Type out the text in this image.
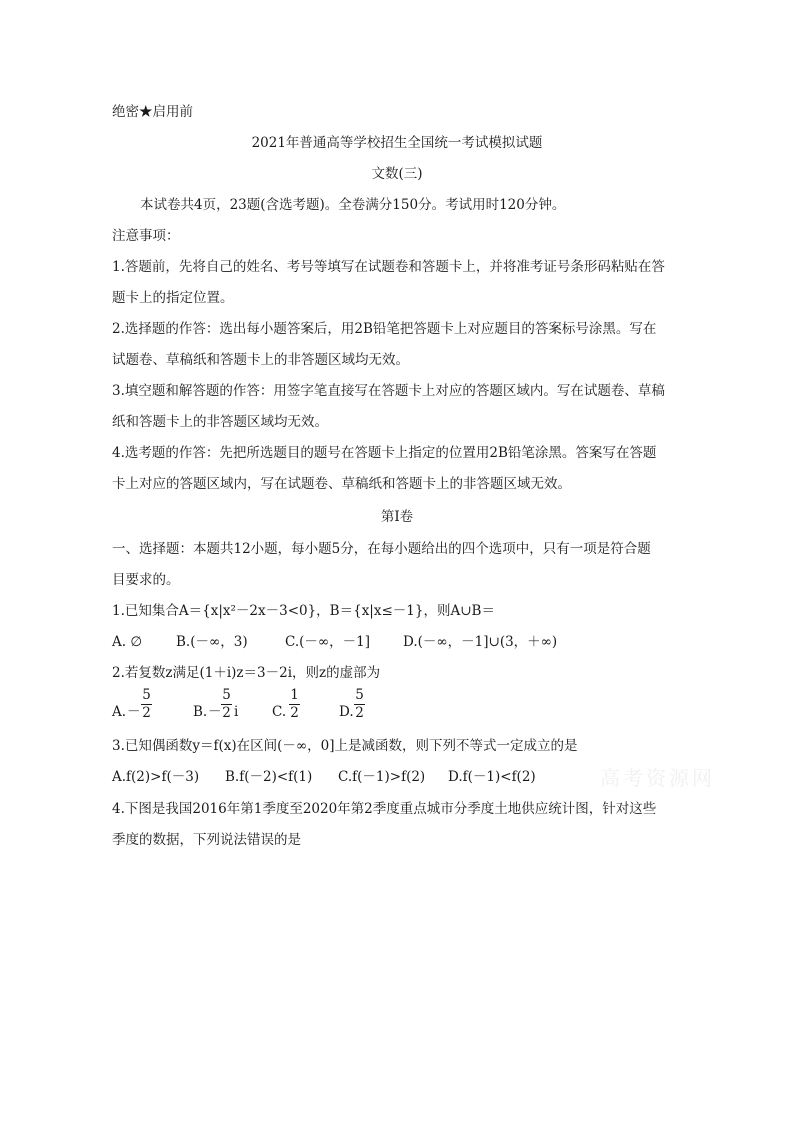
绝密★启用前
2021年普通高等学校招生全国统一考试模拟试题
文数(三)
本试卷共4页，23题(含选考题)。全卷满分150分。考试用时120分钟。
注意事项：
1.答题前，先将自己的姓名、考号等填写在试题卷和答题卡上，并将准考证号条形码粘贴在答
题卡上的指定位置。
2.选择题的作答：选出每小题答案后，用2B铅笔把答题卡上对应题目的答案标号涂黑。写在
试题卷、草稿纸和答题卡上的非答题区域均无效。
3.填空题和解答题的作答：用签字笔直接写在答题卡上对应的答题区域内。写在试题卷、草稿
纸和答题卡上的非答题区域均无效。
4.选考题的作答：先把所选题目的题号在答题卡上指定的位置用2B铅笔涂黑。答案写在答题
卡上对应的答题区域内，写在试题卷、草稿纸和答题卡上的非答题区域无效。
第Ⅰ卷
一、选择题：本题共12小题，每小题5分，在每小题给出的四个选项中，只有一项是符合题
目要求的。
1.已知集合A＝{x|x²－2x－3<0}，B＝{x|x≤－1}，则A∪B＝
A. ∅	B.(－∞，3)	C.(－∞，－1] D.(－∞，－1]∪(3，＋∞)
2.若复数z满足(1＋i)z＝3－2i，则z的虚部为
A. －
5
2	B. －
5
2 i C.
1
2	D.
5
2
3.已知偶函数y＝f(x)在区间(－∞，0]上是减函数，则下列不等式一定成立的是
A.f(2)>f(－3) B.f(－2)<f(1) C.f(－1)>f(2) D.f(－1)<f(2)	高考资源网
4.下图是我国2016年第1季度至2020年第2季度重点城市分季度土地供应统计图，针对这些
季度的数据，下列说法错误的是
